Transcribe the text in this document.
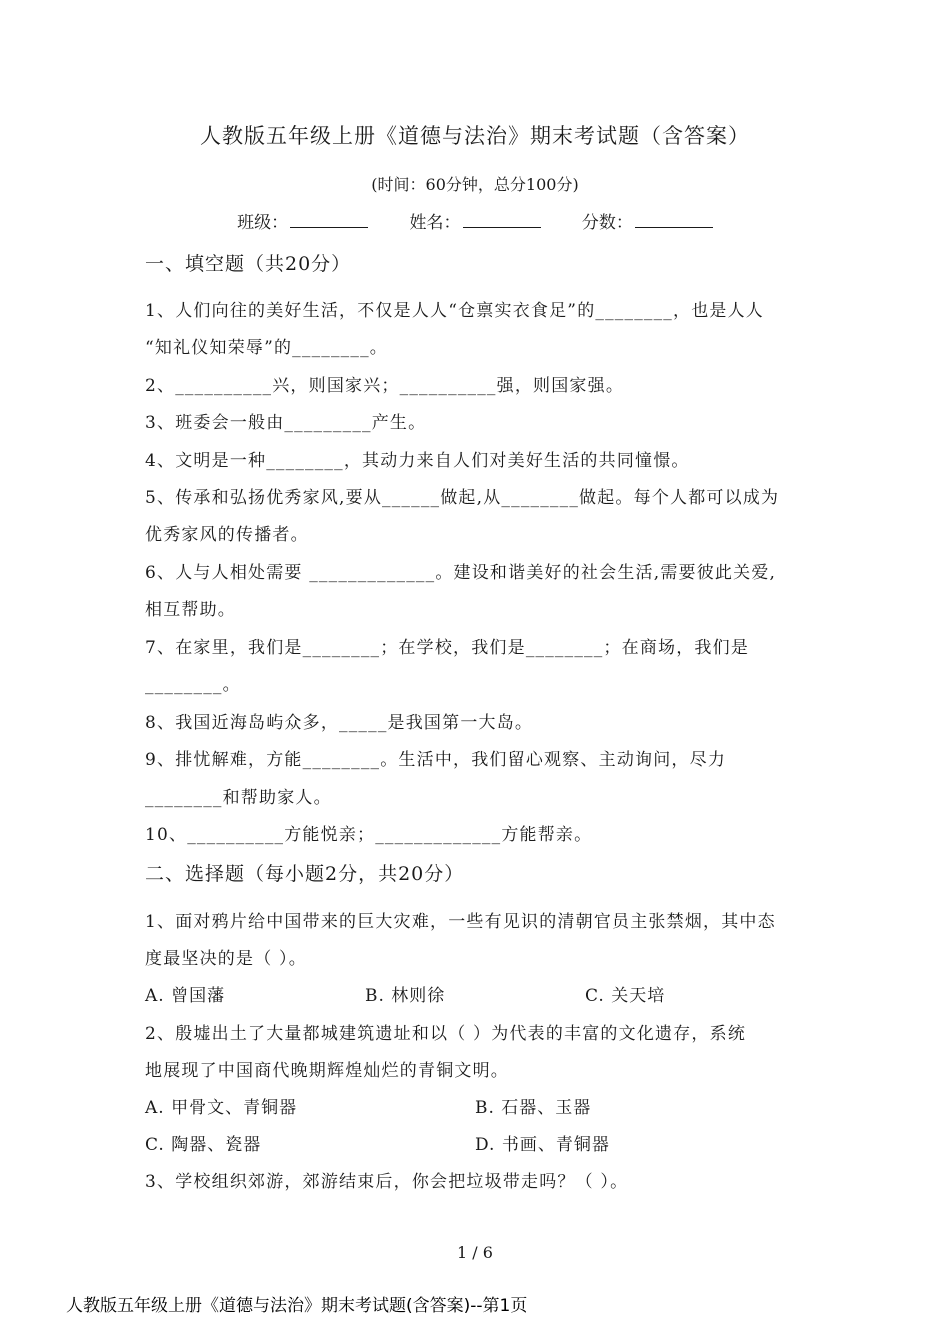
人教版五年级上册《道德与法治》期末考试题（含答案）
(时间：60分钟，总分100分)
班级：	姓名：	分数：
一、填空题（共20分）
1、人们向往的美好生活，不仅是人人“仓禀实衣食足”的________，也是人人
“知礼仪知荣辱”的________。
2、__________兴，则国家兴；__________强，则国家强。
3、班委会一般由_________产生。
4、文明是一种________，其动力来自人们对美好生活的共同憧憬。
5、传承和弘扬优秀家风,要从______做起,从________做起。每个人都可以成为
优秀家风的传播者。
6、人与人相处需要 _____________。建设和谐美好的社会生活,需要彼此关爱,
相互帮助。
7、在家里，我们是________；在学校，我们是________；在商场，我们是
________。
8、我国近海岛屿众多，_____是我国第一大岛。
9、排忧解难，方能________。生活中，我们留心观察、主动询问，尽力
________和帮助家人。
10、__________方能悦亲；_____________方能帮亲。
二、选择题（每小题2分，共20分）
1、面对鸦片给中国带来的巨大灾难，一些有见识的清朝官员主张禁烟，其中态
度最坚决的是（ ）。
A. 曾国藩	B. 林则徐	C. 关天培
2、殷墟出土了大量都城建筑遗址和以（ ）为代表的丰富的文化遗存，系统
地展现了中国商代晚期辉煌灿烂的青铜文明。
A. 甲骨文、青铜器	B. 石器、玉器
C. 陶器、瓷器	D. 书画、青铜器
3、学校组织郊游，郊游结束后，你会把垃圾带走吗？（ ）。
1 / 6
人教版五年级上册《道德与法治》期末考试题(含答案)--第1页
